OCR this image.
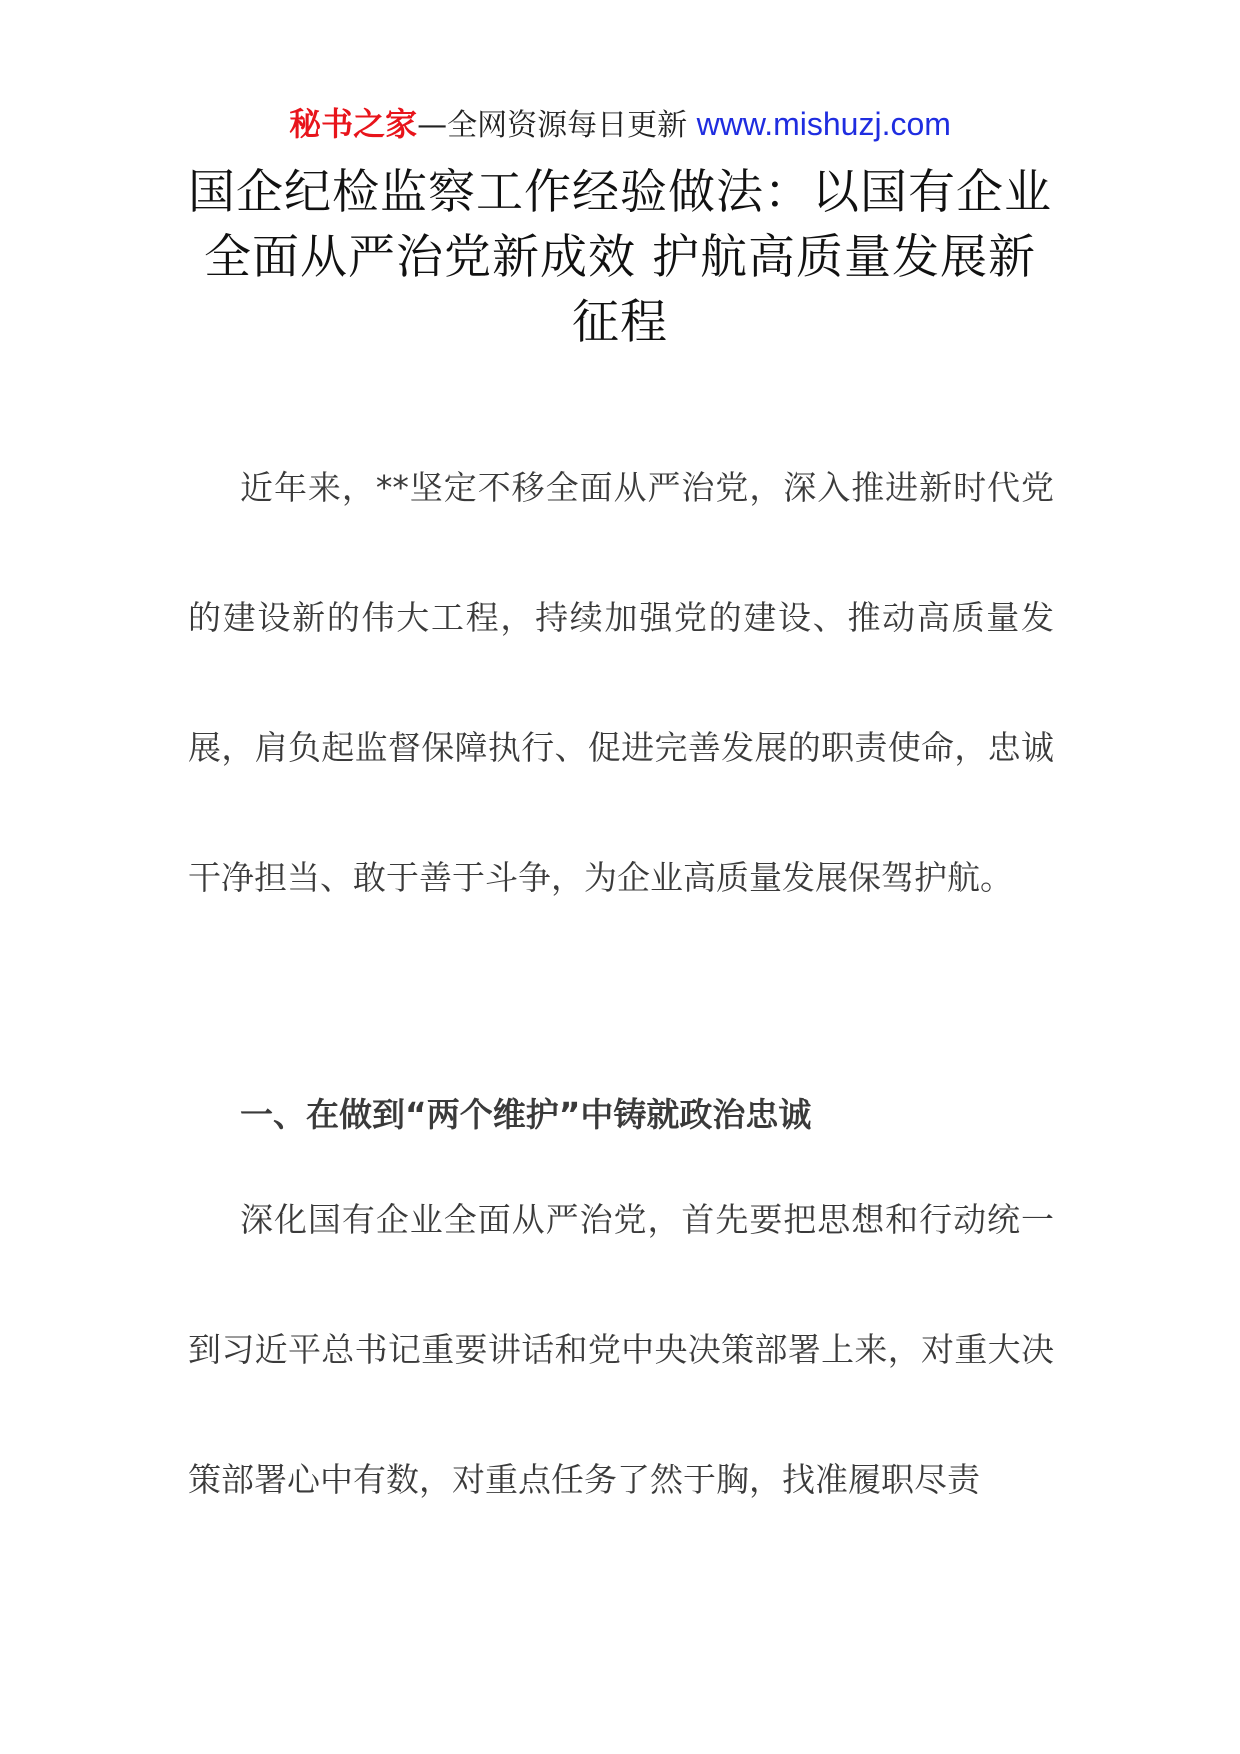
秘书之家—全网资源每日更新 www.mishuzj.com
国企纪检监察工作经验做法：以国有企业全面从严治党新成效 护航高质量发展新征程

近年来，**坚定不移全面从严治党，深入推进新时代党的建设新的伟大工程，持续加强党的建设、推动高质量发展，肩负起监督保障执行、促进完善发展的职责使命，忠诚干净担当、敢于善于斗争，为企业高质量发展保驾护航。

一、在做到“两个维护”中铸就政治忠诚

深化国有企业全面从严治党，首先要把思想和行动统一到习近平总书记重要讲话和党中央决策部署上来，对重大决策部署心中有数，对重点任务了然于胸，找准履职尽责
